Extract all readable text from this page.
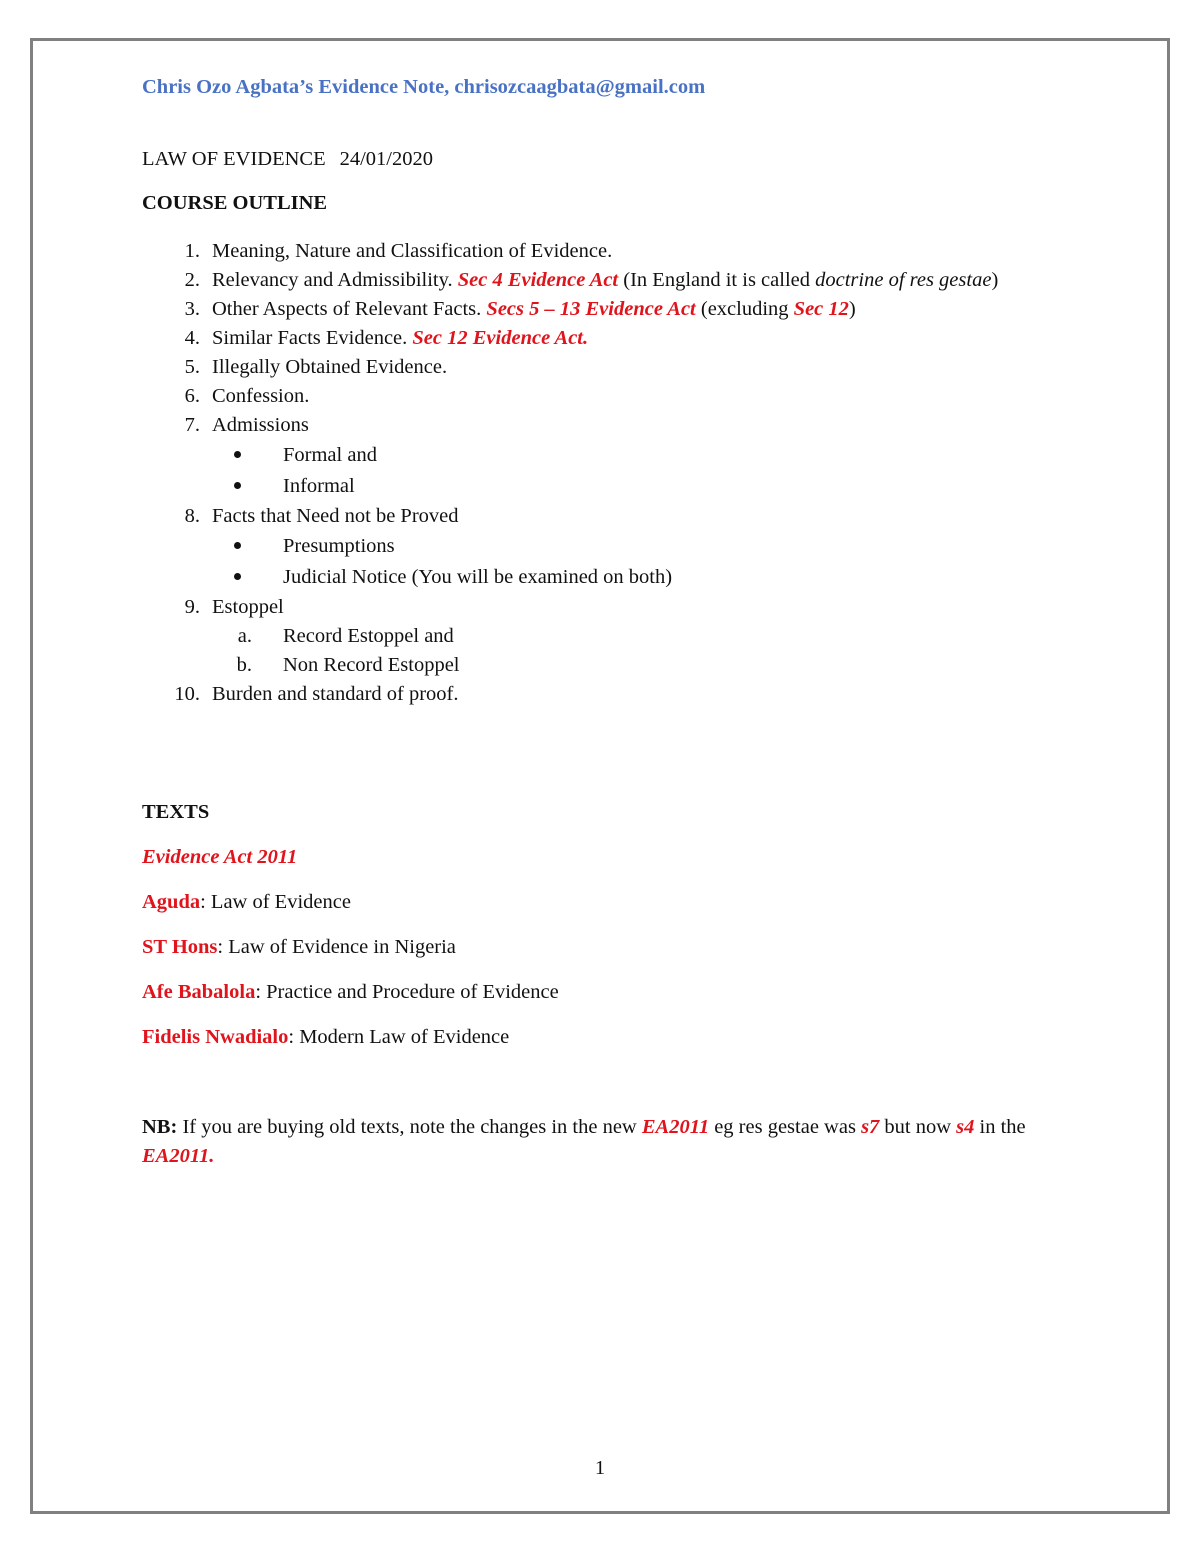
Chris Ozo Agbata’s Evidence Note, chrisozcaagbata@gmail.com
LAW OF EVIDENCE 24/01/2020
COURSE OUTLINE
1. Meaning, Nature and Classification of Evidence.
2. Relevancy and Admissibility. Sec 4 Evidence Act (In England it is called doctrine of res gestae)
3. Other Aspects of Relevant Facts. Secs 5 – 13 Evidence Act (excluding Sec 12)
4. Similar Facts Evidence. Sec 12 Evidence Act.
5. Illegally Obtained Evidence.
6. Confession.
7. Admissions
Formal and
Informal
8. Facts that Need not be Proved
Presumptions
Judicial Notice (You will be examined on both)
9. Estoppel
a.	Record Estoppel and
b.	Non Record Estoppel
10. Burden and standard of proof.
TEXTS
Evidence Act 2011
Aguda: Law of Evidence
ST Hons: Law of Evidence in Nigeria
Afe Babalola: Practice and Procedure of Evidence
Fidelis Nwadialo: Modern Law of Evidence
NB: If you are buying old texts, note the changes in the new EA2011 eg res gestae was s7 but now s4 in the EA2011.
1
